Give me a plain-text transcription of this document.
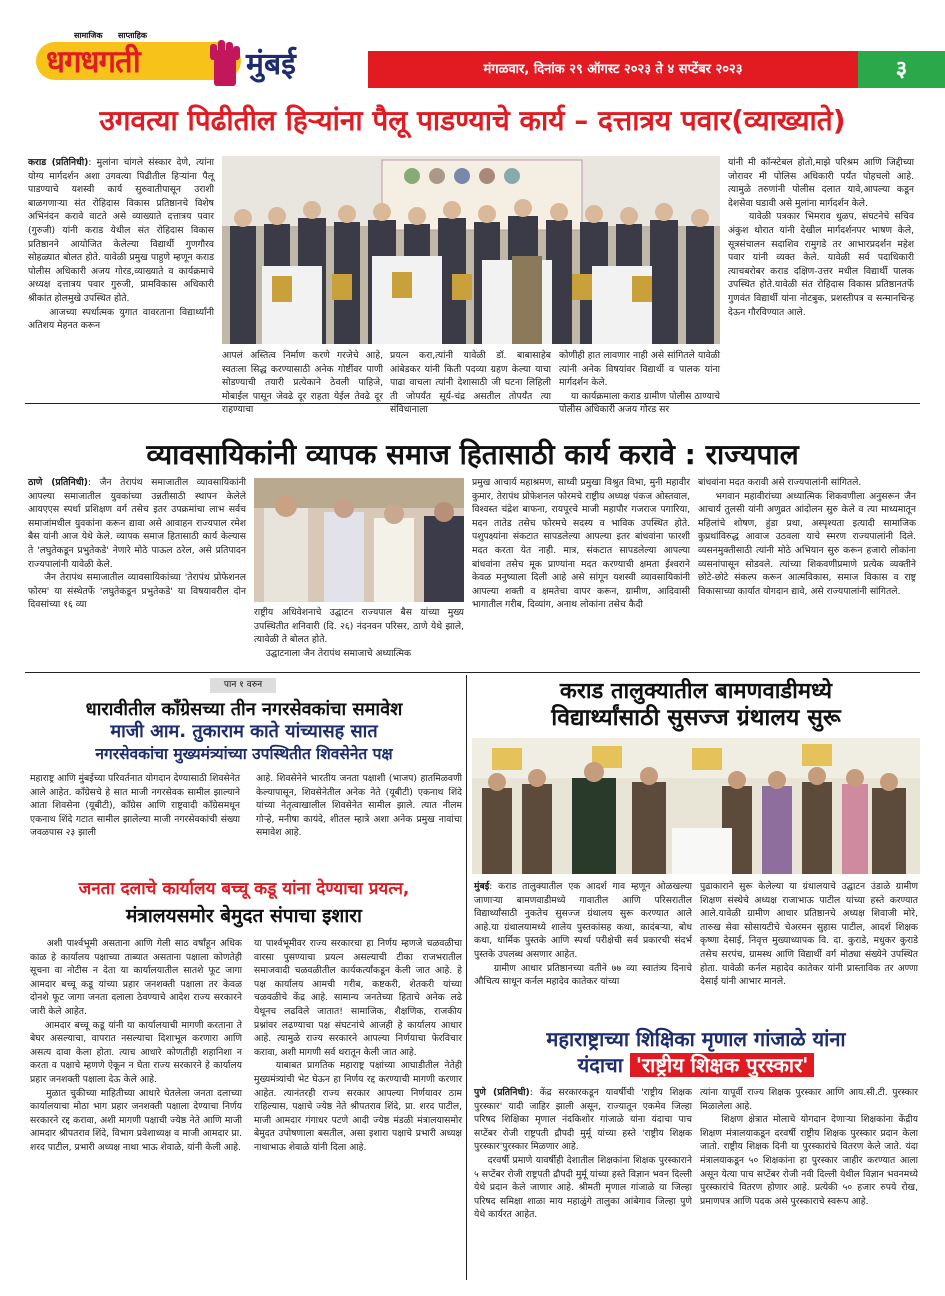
सामाजिक साप्ताहिक
धगधगती	मुंबई	मंगळवार, दिनांक २९ ऑगस्ट २०२३ ते ४ सप्टेंबर २०२३	३
उगवत्या पिढीतील हिऱ्यांना पैलू पाडण्याचे कार्य – दत्तात्रय पवार(व्याख्याते)
कराड (प्रतिनिधी): मुलांना चांगले संस्कार देणे, त्यांना योग्य मार्गदर्शन अशा उगवत्या पिढीतील हिऱ्यांना पैलू पाडण्याचे यशस्वी कार्य सुरुवातीपासून उराशी बाळगणाऱ्या संत रोहिदास विकास प्रतिष्ठानचे विशेष अभिनंदन करावे वाटते असे व्याख्याते दत्तात्रय पवार (गुरुजी) यांनी कराड येथील संत रोहिदास विकास प्रतिष्ठानने आयोजित केलेल्या विद्यार्थी गुणगौरव सोहळ्यात बोलत होते. यावेळी प्रमुख पाहुणे म्हणून कराड पोलीस अधिकारी अजय गोरड,व्याख्याते व कार्यक्रमाचे अध्यक्ष दत्तात्रय पवार गुरुजी, प्रामविकास अधिकारी श्रीकांत होलमुखे उपस्थित होते.
आजच्या स्पर्धात्मक युगात वावरताना विद्यार्थ्यांनी अतिशय मेहनत करून
आपलं अस्तित्व निर्माण करणे गरजेचे आहे, स्वतःला सिद्ध करण्यासाठी अनेक गोष्टींवर पाणी सोडण्याची तयारी प्रत्येकाने ठेवली पाहिजे, मोबाईल पासून जेवढे दूर राहता येईल तेवढे दूर राहण्याचा
प्रयत्न करा,त्यांनी यावेळी डॉ. बाबासाहेब आंबेडकर यांनी किती पदव्या ग्रहण केल्या याचा पाढा वाचला त्यांनी देशासाठी जी घटना लिहिली ती जोपर्यंत सूर्य-चंद्र असतील तोपर्यंत त्या संविधानाला
कोणीही हात लावणार नाही असे सांगितले यावेळी त्यांनी अनेक विषयांवर विद्यार्थी व पालक यांना मार्गदर्शन केले.
या कार्यक्रमाला कराड ग्रामीण पोलीस ठाण्याचे पोलीस अधिकारी अजय गोरड सर
यांनी मी कॉन्स्टेबल होतो,माझे परिश्रम आणि जिद्दीच्या जोरावर मी पोलिस अधिकारी पर्यंत पोहचलो आहे. त्यामुळे तरुणांनी पोलीस दलात यावे,आपल्या कडून देशसेवा घडावी असे मुलांना मार्गदर्शन केले.
यावेळी पत्रकार भिमराव धुळप, संघटनेचे सचिव अंकुश थोरात यांनी देखील मार्गदर्शनपर भाषण केले, सूत्रसंचालन सदाशिव रामुगडे तर आभारप्रदर्शन महेश पवार यांनी व्यक्त केले. यावेळी सर्व पदाधिकारी त्याचबरोबर कराड दक्षिण-उत्तर मधील विद्यार्थी पालक उपस्थित होते.यावेळी संत रोहिदास विकास प्रतिष्ठानतर्फे गुणवंत विद्यार्थी यांना नोटबुक, प्रशस्तीपत्र व सन्मानचिन्ह देऊन गौरविण्यात आले.
व्यावसायिकांनी व्यापक समाज हितासाठी कार्य करावे : राज्यपाल
ठाणे (प्रतिनिधी): जैन तेरापंथ समाजातील व्यावसायिकांनी आपल्या समाजातील युवकांच्या उन्नतीसाठी स्थापन केलेले आयएएस स्पर्धा प्रशिक्षण वर्ग तसेच इतर उपक्रमांचा लाभ सर्वच समाजांमधील युवकांना करून द्यावा असे आवाहन राज्यपाल रमेश बैस यांनी आज येथे केले. व्यापक समाज हितासाठी कार्य केल्यास ते 'लघुतेकडून प्रभुतेकडे' नेणारे मोठे पाऊल ठरेल, असे प्रतिपादन राज्यपालांनी यावेळी केले.
जैन तेरापंथ समाजातील व्यावसायिकांच्या 'तेरापंथ प्रोफेशनल फोरम' या संस्थेतर्फे 'लघुतेकडून प्रभुतेकडे' या विषयावरील दोन दिवसांच्या १६ व्या
राष्ट्रीय अधिवेशनाचे उद्घाटन राज्यपाल बैस यांच्या मुख्य उपस्थितीत शनिवारी (दि. २६) नंदनवन परिसर, ठाणे येथे झाले, त्यावेळी ते बोलत होते.
उद्घाटनाला जैन तेरापंथ समाजाचे अध्यात्मिक
प्रमुख आचार्य महाश्रमण, साध्वी प्रमुखा विश्रुत विभा, मुनी महावीर कुमार, तेरापंथ प्रोफेशनल फोरमचे राष्ट्रीय अध्यक्ष पंकज ओस्तवाल, विश्वस्त चंद्रेश बाफना, रायपूरचे माजी महापौर गजराज पगारिया, मदन तातेड तसेच फोरमचे सदस्य व भाविक उपस्थित होते. पशुपक्ष्यांना संकटात सापडलेल्या आपल्या इतर बांधवांना फारशी मदत करता येत नाही. मात्र, संकटात सापडलेल्या आपल्या बांधवांना तसेच मूक प्राण्यांना मदत करण्याची क्षमता ईश्वराने केवळ मनुष्याला दिली आहे असे सांगून यशस्वी व्यावसायिकांनी आपल्या शक्ती व क्षमतेचा वापर करून, ग्रामीण, आदिवासी भागातील गरीब, दिव्यांग, अनाथ लोकांना तसेच कैदी
बांधवांना मदत करावी असे राज्यपालांनी सांगितले.
भगवान महावीरांच्या अध्यात्मिक शिकवणीला अनुसरून जैन आचार्य तुलसी यांनी अणुव्रत आंदोलन सुरु केले व त्या माध्यमातून महिलांचे शोषण, हुंडा प्रथा, अस्पृश्यता इत्यादी सामाजिक कुप्रथांविरुद्ध आवाज उठवला याचे स्मरण राज्यपालांनी दिले. व्यसनमुक्तीसाठी त्यांनी मोठे अभियान सुरु करून हजारो लोकांना व्यसनांपासून सोडवले. त्यांच्या शिकवणीप्रमाणे प्रत्येक व्यक्तीने छोटे-छोटे संकल्प करून आत्मविकास, समाज विकास व राष्ट्र विकासाच्या कार्यात योगदान द्यावे, असे राज्यपालांनी सांगितले.
पान १ वरुन
धारावीतील काँग्रेसच्या तीन नगरसेवकांचा समावेश
माजी आम. तुकाराम काते यांच्यासह सात
नगरसेवकांचा मुख्यमंत्र्यांच्या उपस्थितीत शिवसेनेत पक्ष
महाराष्ट्र आणि मुंबईच्या परिवर्तनात योगदान देण्यासाठी शिवसेनेत आले आहेत. काँग्रेसचे हे सात माजी नगरसेवक सामील झाल्याने आता शिवसेना (यूबीटी), काँग्रेस आणि राष्ट्रवादी काँग्रेसमधून एकनाथ शिंदे गटात सामील झालेल्या माजी नगरसेवकांची संख्या जवळपास २३ झाली
आहे. शिवसेनेने भारतीय जनता पक्षाशी (भाजप) हातमिळवणी केल्यापासून, शिवसेनेतील अनेक नेते (यूबीटी) एकनाथ शिंदे यांच्या नेतृत्वाखालील शिवसेनेत सामील झाले. त्यात नीलम गोऱ्हे, मनीषा कायंदे, शीतल म्हात्रे अशा अनेक प्रमुख नावांचा समावेश आहे.
जनता दलाचे कार्यालय बच्चू कडू यांना देण्याचा प्रयत्न,
मंत्रालयसमोर बेमुदत संपाचा इशारा
अशी पार्श्वभूमी असताना आणि गेली साठ वर्षांहून अधिक काळ हे कार्यालय पक्षाच्या ताब्यात असताना पक्षाला कोणतेही सूचना वा नोटीस न देता या कार्यालयातील सातशे फूट जागा आमदार बच्चू कडू यांच्या प्रहार जनशक्ती पक्षाला तर केवळ दोनशे फूट जागा जनता दलाला ठेवण्याचे आदेश राज्य सरकारने जारी केले आहेत.
आमदार बच्चू कडू यांनी या कार्यालयाची मागणी करताना ते बेघर असल्याचा, वापरात नसल्याचा दिशाभूल करणारा आणि असत्य दावा केला होता. त्याच आधारे कोणतीही शहानिशा न करता व पक्षाचे म्हणणे ऐकून न घेता राज्य सरकारने हे कार्यालय प्रहार जनशक्ती पक्षाला देऊ केले आहे.
मुळात चुकीच्या माहितीच्या आधारे घेतलेला जनता दलाच्या कार्यालयाचा मोठा भाग प्रहार जनशक्ती पक्षाला देण्याचा निर्णय सरकारने रद्द करावा, अशी मागणी पक्षाची ज्येष्ठ नेते आणि माजी आमदार श्रीपतराव शिंदे, विभाग प्रवेशाध्यक्ष व माजी आमदार प्रा. शरद पाटील, प्रभारी अध्यक्ष नाथा भाऊ शेवाळे, यांनी केली आहे.
या पार्श्वभूमीवर राज्य सरकारचा हा निर्णय म्हणजे चळवळीचा वारसा पुसण्याचा प्रयत्न असल्याची टीका राजभरातील समाजवादी चळवळीतील कार्यकर्त्यांकडून केली जात आहे. हे पक्ष कार्यालय आमची गरीब, कष्टकरी, शेतकरी यांच्या चळवळीचे केंद्र आहे. सामान्य जनतेच्या हिताचे अनेक लढे येथूनच लढविले जातात! सामाजिक, शैक्षणिक, राजकीय प्रश्नांवर लढण्याचा पक्ष संघटनांचे आजही हे कार्यालय आधार आहे. त्यामुळे राज्य सरकारने आपल्या निर्णयाचा फेरविचार करावा, अशी मागणी सर्व थरातून केली जात आहे.
याबाबत प्रागतिक महाराष्ट्र पक्षांच्या आघाडीतील नेतेही मुख्यमंत्र्यांची भेट घेऊन हा निर्णय रद्द करण्याची मागणी करणार आहेत. त्यानंतरही राज्य सरकार आपल्या निर्णयावर ठाम राहिल्यास, पक्षाचे ज्येष्ठ नेते श्रीपतराव शिंदे, प्रा. शरद पाटील, माजी आमदार गंगाधर पटणे आदी ज्येष्ठ मंडळी मंत्रालयासमोर बेमुदत उपोषणाला बसतील, असा इशारा पक्षाचे प्रभारी अध्यक्ष नाथाभाऊ शेवाळे यांनी दिला आहे.
कराड तालुक्यातील बामणवाडीमध्ये
विद्यार्थ्यांसाठी सुसज्ज ग्रंथालय सुरू
मुंबई: कराड तालुक्यातील एक आदर्श गाव म्हणून ओळखल्या जाणाऱ्या बामणवाडीमध्ये गावातील आणि परिसरातील विद्यार्थ्यांसाठी नुकतेच सुसज्ज ग्रंथालय सुरू करण्यात आले आहे.या ग्रंथालयामध्ये शालेय पुस्तकांसह कथा, कादंबऱ्या, बोध कथा, धार्मिक पुस्तके आणि स्पर्धा परीक्षेची सर्व प्रकारची संदर्भ पुस्तके उपलब्ध असणार आहेत.
ग्रामीण आधार प्रतिष्ठानच्या वतीने ७७ व्या स्वातंत्र्य दिनाचे औचित्य साधून कर्नल महादेव कातेकर यांच्या
पुढाकाराने सुरू केलेल्या या ग्रंथालयाचे उद्घाटन उंडाळे ग्रामीण शिक्षण संस्थेचे अध्यक्ष राजाभाऊ पाटील यांच्या हस्ते करण्यात आले.यावेळी ग्रामीण आधार प्रतिष्ठानचे अध्यक्ष शिवाजी मोरे, तारुख सेवा सोसायटीचे चेअरमन सुहास पाटील, आदर्श शिक्षक कृष्णा देसाई, निवृत्त मुख्याध्यापक वि. दा. कुराडे, मधुकर कुराडे तसेच सरपंच, ग्रामस्थ आणि विद्यार्थी वर्ग मोठ्या संख्येने उपस्थित होता. यावेळी कर्नल महादेव कातेकर यांनी प्रास्ताविक तर अण्णा देसाई यांनी आभार मानले.
महाराष्ट्राच्या शिक्षिका मृणाल गांजाळे यांना
यंदाचा 'राष्ट्रीय शिक्षक पुरस्कार'
पुणे (प्रतिनिधी): केंद्र सरकारकडून यावर्षीची 'राष्ट्रीय शिक्षक पुरस्कार' यादी जाहिर झाली असून, राज्यातून एकमेव जिल्हा परिषद शिक्षिका मृणाल नंदकिशोर गांजाळे यांना यंदाचा पाच सप्टेंबर रोजी राष्ट्रपती द्रौपदी मुर्मू यांच्या हस्ते 'राष्ट्रीय शिक्षक पुरस्कार'पुरस्कार मिळणार आहे.
दरवर्षी प्रमाणे यावर्षीही देशातील शिक्षकांना शिक्षक पुरस्काराने ५ सप्टेंबर रोजी राष्ट्रपती द्रौपदी मुर्मू यांच्या हस्ते विज्ञान भवन दिल्ली येथे प्रदान केले जाणार आहे. श्रीमती मृणाल गांजाळे या जिल्हा परिषद समिक्षा शाळा माय महाळुंगे तालुका आंबेगाव जिल्हा पुणे येथे कार्यरत आहेत.
त्यांना यापूर्वी राज्य शिक्षक पुरस्कार आणि आय.सी.टी. पुरस्कार मिळालेला आहे.
शिक्षण क्षेत्रात मोलाचे योगदान देणाऱ्या शिक्षकांना केंद्रीय शिक्षण मंत्रालयाकडून दरवर्षी राष्ट्रीय शिक्षक पुरस्कार प्रदान केला जातो. राष्ट्रीय शिक्षक दिनी या पुरस्कारांचे वितरण केले जाते. यंदा मंत्रालयाकडून ५० शिक्षकांना हा पुरस्कार जाहीर करण्यात आला असून येत्या पाच सप्टेंबर रोजी नवी दिल्ली येथील विज्ञान भवनमध्ये पुरस्कारांचे वितरण होणार आहे. प्रत्येकी ५० हजार रुपये रोख, प्रमाणपत्र आणि पदक असे पुरस्काराचे स्वरूप आहे.
